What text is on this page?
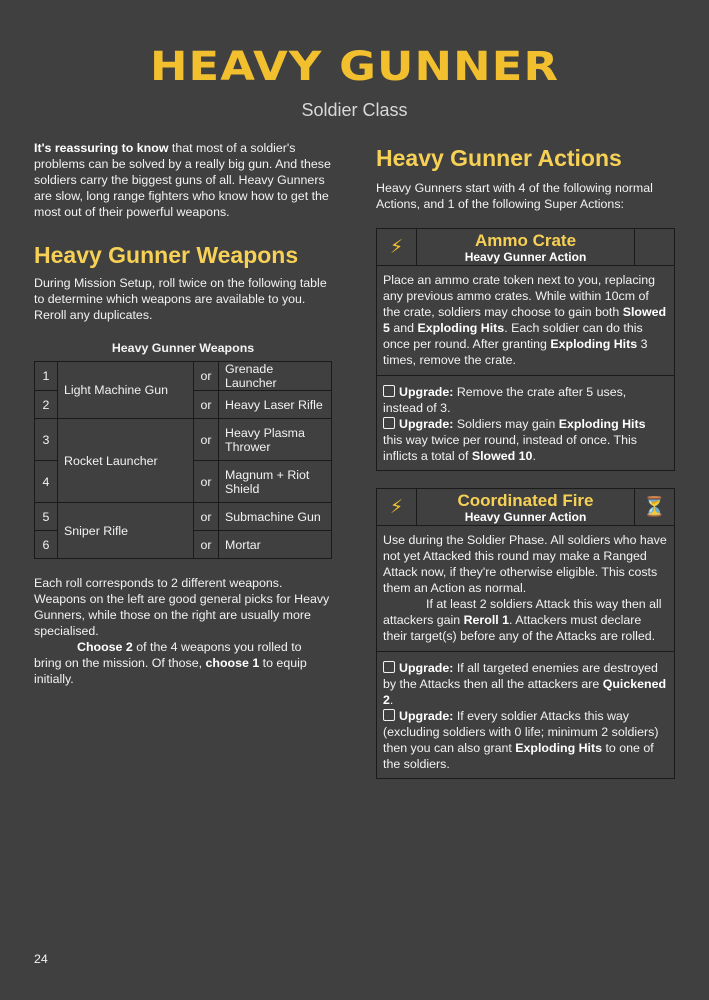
HEAVY GUNNER
Soldier Class

It's reassuring to know that most of a soldier's problems can be solved by a really big gun. And these soldiers carry the biggest guns of all. Heavy Gunners are slow, long range fighters who know how to get the most out of their powerful weapons.

Heavy Gunner Weapons

During Mission Setup, roll twice on the following table to determine which weapons are available to you. Reroll any duplicates.

Heavy Gunner Weapons
1	Light Machine Gun	or	Grenade Launcher
2		or	Heavy Laser Rifle
3	Rocket Launcher	or	Heavy Plasma Thrower
4		or	Magnum + Riot Shield
5	Sniper Rifle	or	Submachine Gun
6		or	Mortar

Each roll corresponds to 2 different weapons. Weapons on the left are good general picks for Heavy Gunners, while those on the right are usually more specialised.
Choose 2 of the 4 weapons you rolled to bring on the mission. Of those, choose 1 to equip initially.

Heavy Gunner Actions

Heavy Gunners start with 4 of the following normal Actions, and 1 of the following Super Actions:

⚡	Ammo Crate
Heavy Gunner Action

Place an ammo crate token next to you, replacing any previous ammo crates. While within 10cm of the crate, soldiers may choose to gain both Slowed 5 and Exploding Hits. Each soldier can do this once per round. After granting Exploding Hits 3 times, remove the crate.

Upgrade: Remove the crate after 5 uses, instead of 3.

Upgrade: Soldiers may gain Exploding Hits this way twice per round, instead of once. This inflicts a total of Slowed 10.

⚡	Coordinated Fire
Heavy Gunner Action	⏳

Use during the Soldier Phase. All soldiers who have not yet Attacked this round may make a Ranged Attack now, if they're otherwise eligible. This costs them an Action as normal.
If at least 2 soldiers Attack this way then all attackers gain Reroll 1. Attackers must declare their target(s) before any of the Attacks are rolled.

Upgrade: If all targeted enemies are destroyed by the Attacks then all the attackers are Quickened 2.

Upgrade: If every soldier Attacks this way (excluding soldiers with 0 life; minimum 2 soldiers) then you can also grant Exploding Hits to one of the soldiers.

24
